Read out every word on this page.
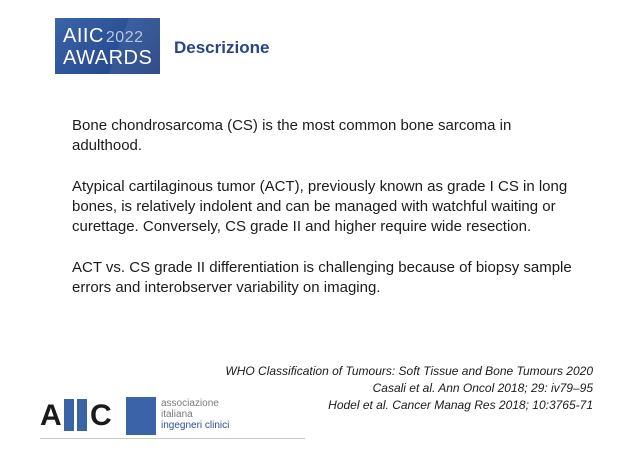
AIIC 2022
AWARDS Descrizione

Bone chondrosarcoma (CS) is the most common bone sarcoma in adulthood.

Atypical cartilaginous tumor (ACT), previously known as grade I CS in long bones, is relatively indolent and can be managed with watchful waiting or curettage. Conversely, CS grade II and higher require wide resection.

ACT vs. CS grade II differentiation is challenging because of biopsy sample errors and interobserver variability on imaging.

WHO Classification of Tumours: Soft Tissue and Bone Tumours 2020
Casali et al. Ann Oncol 2018; 29: iv79–95
Hodel et al. Cancer Manag Res 2018; 10:3765-71
A C	associazione
italiana
ingegneri clinici
